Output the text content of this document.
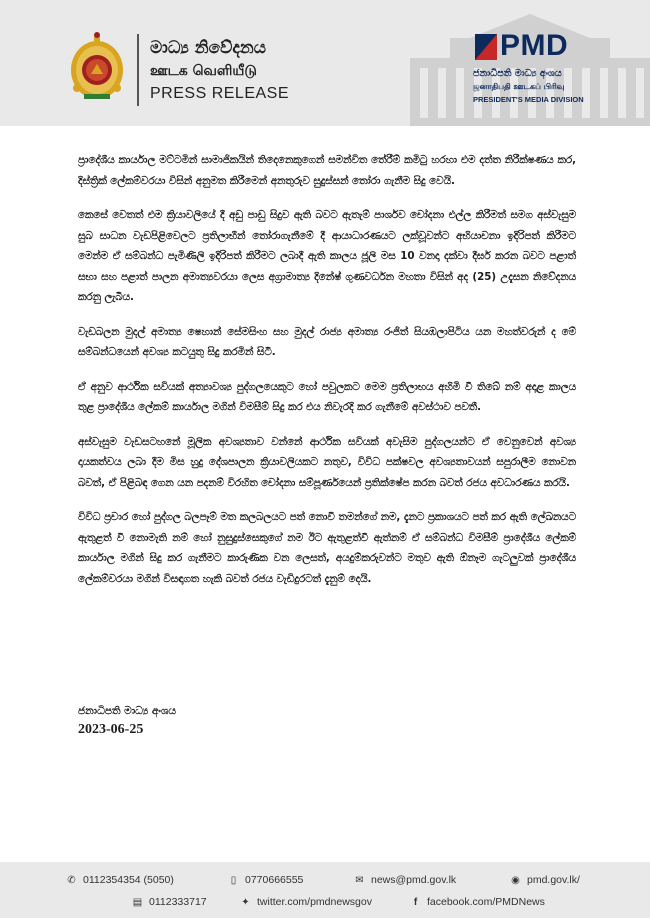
මාධ්‍ය නිවේදනය
ஊடக வெளியீடு
PRESS RELEASE
PMD
ජනාධිපති මාධ්‍ය අංශය
ஜனாதிபதி ஊடகப் பிரிவு
PRESIDENT'S MEDIA DIVISION

ප්‍රාදේශීය කාර්යාල මට්ටමින් සාමාජිකයින් තිදෙනෙකුගෙන් සමන්විත තේරීම් කමිටු හරහා එම දත්ත නිරීක්ෂණය කර, දිස්ත්‍රික් ලේකම්වරයා විසින් අනුමත කිරීමෙන් අනතුරුව සුදුස්සන් තෝරා ගැනීම සිදු වෙයි.

කෙසේ වෙතත් එම ක්‍රියාවලියේ දී අඩු පාඩු සිදුව ඇති බවට ඇතැම් පාර්ශව චෝදනා එල්ල කිරීමත් සමග අස්වැසුම සුබ සාධන වැඩපිළිවෙලට ප්‍රතිලාභීන් තෝරාගැනීමේ දී ආයාධාරණයට ලක්වූවන්ට අභියාචනා ඉදිරිපත් කිරීමට මෙන්ම ඒ සම්බන්ධ පැමිණිලි ඉදිරිපත් කිරීමට ලබාදී ඇති කාලය ජූලි මස 10 වනදා දක්වා දීර්ඝ කරන බවට පළාත් සභා සහ පළාත් පාලන අමාත්‍යවරයා ලෙස අග්‍රාමාත්‍ය දිනේෂ් ගුණවර්ධන මහතා විසින් අද (25) උදැසන නිවේදනය කරනු ලැබීය.

වැඩබලන මුදල් අමාත්‍ය ෂෙහාන් සේමසිංහ සහ මුදල් රාජ්‍ය අමාත්‍ය රංජිත් සියඹලාපිටිය යන මහත්වරුන් ද මේ සම්බන්ධයෙන් අවශ්‍ය කටයුතු සිදු කරමින් සිටී.

ඒ අනුව ආර්ථික සවියක් අත්‍යාවශ්‍ය පුද්ගලයෙකුට හෝ පවුලකට මෙම ප්‍රතිලාභය අහිමි වී තිබේ නම් අදාළ කාලය තුළ ප්‍රාදේශීය ලේකම් කාර්යාල මගින් විමසීම් සිදු කර එය නිවැරදි කර ගැනීමේ අවස්ථාව පවතී.

අස්වැසුම වැඩසටහනේ මූලික අවශ්‍යතාව වන්නේ ආර්ථික සවියක් අවැසිම පුද්ගලයන්ට ඒ වෙනුවෙන් අවශ්‍ය දායකත්වය ලබා දීම මිස හුදු දේශපාලන ක්‍රියාවලියකට නතුව, විවිධ පක්ෂවල අවශ්‍යතාවයන් සපුරාලීම නොවන බවත්, ඒ පිළිබඳ ගෙන යන පදනම් විරහිත චෝදනා සම්පූර්ණයෙන් ප්‍රතික්ෂේප කරන බවත් රජය අවධාරණය කරයි.

විවිධ ප්‍රචාර හෝ පුද්ගල බලපෑම් මත කලබලයට පත් නොවී තමන්ගේ නම, දැනට ප්‍රකාශයට පත් කර ඇති ලේඛනයට ඇතුළත් වී නොමැති නම් හෝ නුසුදුස්සෙකුගේ නම ඊට ඇතුළත්වී ඇත්නම් ඒ සම්බන්ධ විමසීම් ප්‍රාදේශීය ලේකම් කාර්යාල මගින් සිදු කර ගැනීමට කාරුණික වන ලෙසත්, අයදුම්කරුවන්ට මතුව ඇති ඕනෑම ගැටලුවක් ප්‍රාදේශීය ලේකම්වරයා මගින් විසඳාගත හැකි බවත් රජය වැඩිදුරටත් දැනුම් දෙයි.

ජනාධිපති මාධ්‍ය අංශය
2023-06-25
✆ 0112354354 (5050)	▯ 0770666555	✉ news@pmd.gov.lk	◉ pmd.gov.lk/
▤ 0112333717	✦ twitter.com/pmdnewsgov	f facebook.com/PMDNews
